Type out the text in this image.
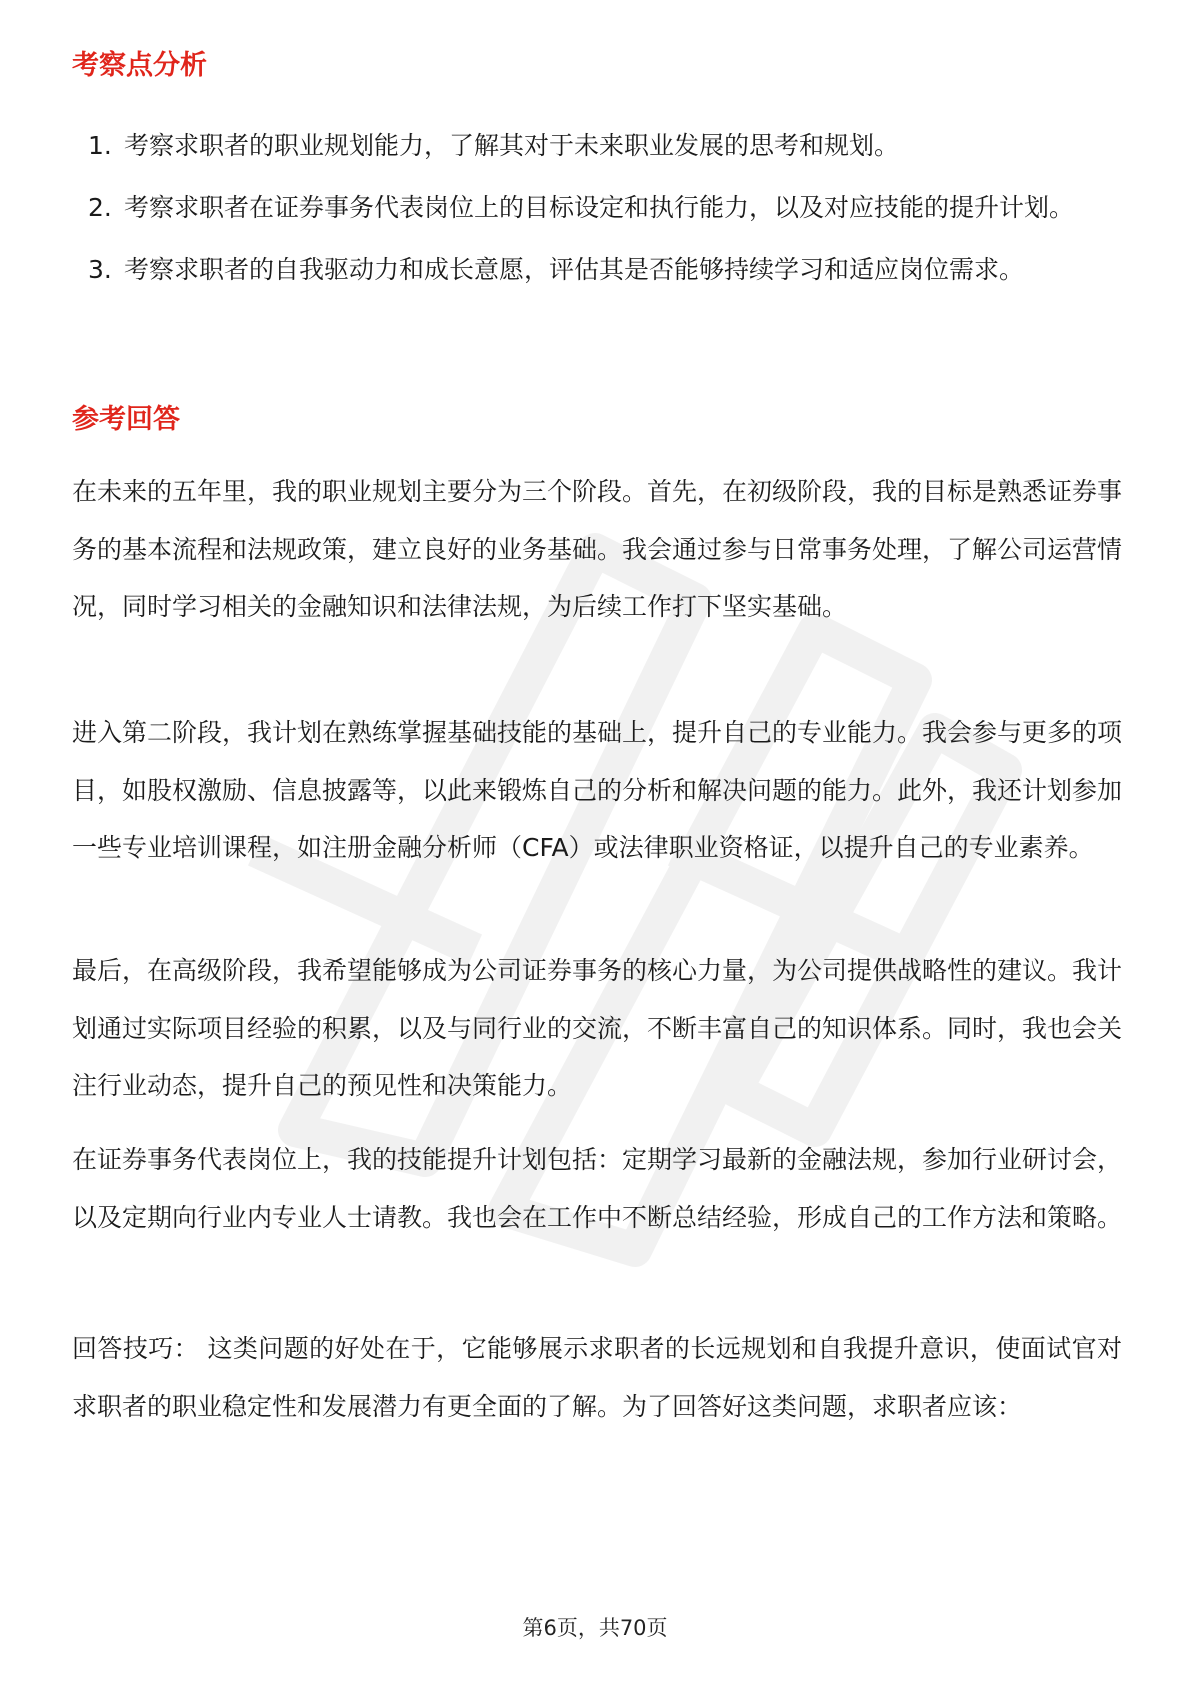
考察点分析
1. 考察求职者的职业规划能力，了解其对于未来职业发展的思考和规划。
2. 考察求职者在证券事务代表岗位上的目标设定和执行能力，以及对应技能的提升计划。
3. 考察求职者的自我驱动力和成长意愿，评估其是否能够持续学习和适应岗位需求。
参考回答

在未来的五年里，我的职业规划主要分为三个阶段。首先，在初级阶段，我的目标是熟悉证券事务的基本流程和法规政策，建立良好的业务基础。我会通过参与日常事务处理，了解公司运营情况，同时学习相关的金融知识和法律法规，为后续工作打下坚实基础。

进入第二阶段，我计划在熟练掌握基础技能的基础上，提升自己的专业能力。我会参与更多的项目，如股权激励、信息披露等，以此来锻炼自己的分析和解决问题的能力。此外，我还计划参加一些专业培训课程，如注册金融分析师（CFA）或法律职业资格证，以提升自己的专业素养。

最后，在高级阶段，我希望能够成为公司证券事务的核心力量，为公司提供战略性的建议。我计划通过实际项目经验的积累，以及与同行业的交流，不断丰富自己的知识体系。同时，我也会关注行业动态，提升自己的预见性和决策能力。

在证券事务代表岗位上，我的技能提升计划包括：定期学习最新的金融法规，参加行业研讨会，以及定期向行业内专业人士请教。我也会在工作中不断总结经验，形成自己的工作方法和策略。

回答技巧： 这类问题的好处在于，它能够展示求职者的长远规划和自我提升意识，使面试官对求职者的职业稳定性和发展潜力有更全面的了解。为了回答好这类问题，求职者应该：

第6页，共70页
